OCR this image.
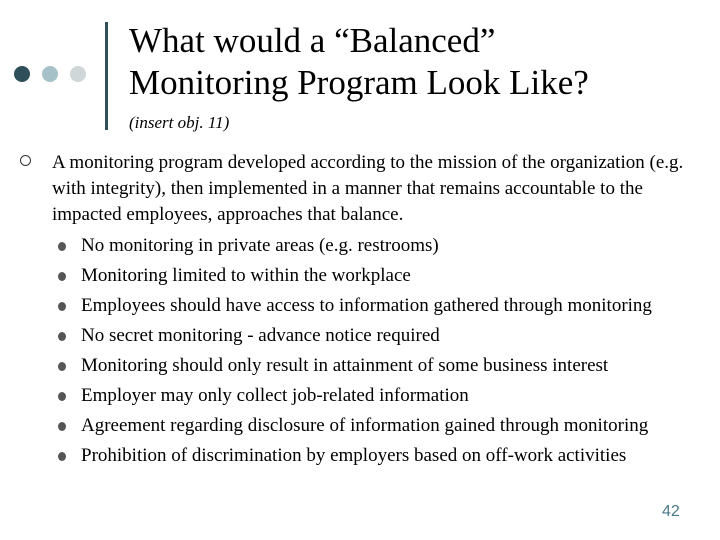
What would a “Balanced”
Monitoring Program Look Like?
(insert obj. 11)
A monitoring program developed according to the mission of the organization (e.g. with integrity), then implemented in a manner that remains accountable to the impacted employees, approaches that balance.
No monitoring in private areas (e.g. restrooms)
Monitoring limited to within the workplace
Employees should have access to information gathered through monitoring
No secret monitoring - advance notice required
Monitoring should only result in attainment of some business interest
Employer may only collect job-related information
Agreement regarding disclosure of information gained through monitoring
Prohibition of discrimination by employers based on off-work activities
42
